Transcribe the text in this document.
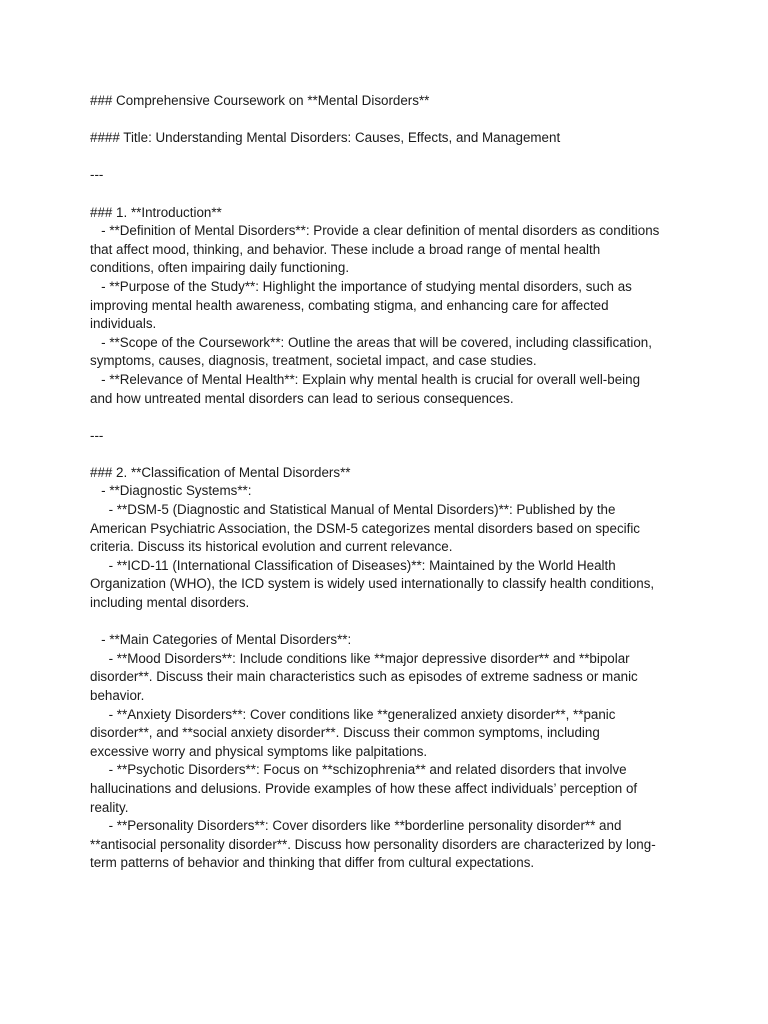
### Comprehensive Coursework on **Mental Disorders**
#### Title: Understanding Mental Disorders: Causes, Effects, and Management
---
### 1. **Introduction**
- **Definition of Mental Disorders**: Provide a clear definition of mental disorders as conditions
that affect mood, thinking, and behavior. These include a broad range of mental health
conditions, often impairing daily functioning.
- **Purpose of the Study**: Highlight the importance of studying mental disorders, such as
improving mental health awareness, combating stigma, and enhancing care for affected
individuals.
- **Scope of the Coursework**: Outline the areas that will be covered, including classification,
symptoms, causes, diagnosis, treatment, societal impact, and case studies.
- **Relevance of Mental Health**: Explain why mental health is crucial for overall well-being
and how untreated mental disorders can lead to serious consequences.
---
### 2. **Classification of Mental Disorders**
- **Diagnostic Systems**:
- **DSM-5 (Diagnostic and Statistical Manual of Mental Disorders)**: Published by the
American Psychiatric Association, the DSM-5 categorizes mental disorders based on specific
criteria. Discuss its historical evolution and current relevance.
- **ICD-11 (International Classification of Diseases)**: Maintained by the World Health
Organization (WHO), the ICD system is widely used internationally to classify health conditions,
including mental disorders.
- **Main Categories of Mental Disorders**:
- **Mood Disorders**: Include conditions like **major depressive disorder** and **bipolar
disorder**. Discuss their main characteristics such as episodes of extreme sadness or manic
behavior.
- **Anxiety Disorders**: Cover conditions like **generalized anxiety disorder**, **panic
disorder**, and **social anxiety disorder**. Discuss their common symptoms, including
excessive worry and physical symptoms like palpitations.
- **Psychotic Disorders**: Focus on **schizophrenia** and related disorders that involve
hallucinations and delusions. Provide examples of how these affect individuals’ perception of
reality.
- **Personality Disorders**: Cover disorders like **borderline personality disorder** and
**antisocial personality disorder**. Discuss how personality disorders are characterized by long-
term patterns of behavior and thinking that differ from cultural expectations.
